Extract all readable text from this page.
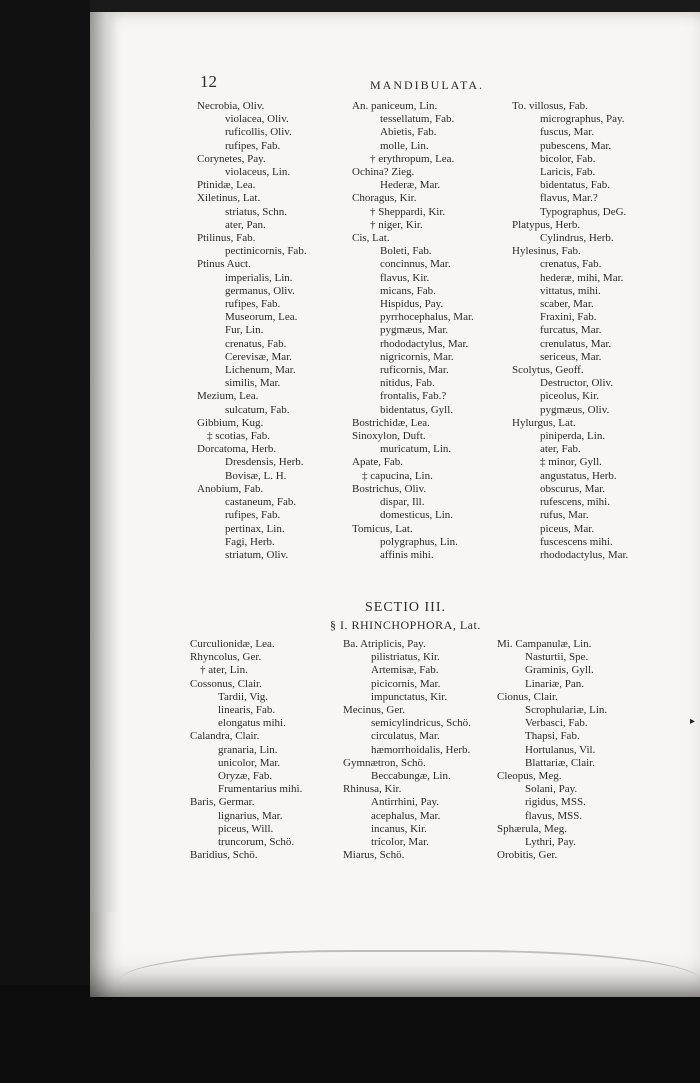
12	MANDIBULATA.
Necrobia, Oliv.
violacea, Oliv.
ruficollis, Oliv.
rufipes, Fab.
Corynetes, Pay.
violaceus, Lin.
Ptinidæ, Lea.
Xiletinus, Lat.
striatus, Schn.
ater, Pan.
Ptilinus, Fab.
pectinicornis, Fab.
Ptinus Auct.
imperialis, Lin.
germanus, Oliv.
rufipes, Fab.
Museorum, Lea.
Fur, Lin.
crenatus, Fab.
Cerevisæ, Mar.
Lichenum, Mar.
similis, Mar.
Mezium, Lea.
sulcatum, Fab.
Gibbium, Kug.
‡ scotias, Fab.
Dorcatoma, Herb.
Dresdensis, Herb.
Bovisæ, L. H.
Anobium, Fab.
castaneum, Fab.
rufipes, Fab.
pertinax, Lin.
Fagi, Herb.
striatum, Oliv.
An. paniceum, Lin.
tessellatum, Fab.
Abietis, Fab.
molle, Lin.
† erythropum, Lea.
Ochina? Zieg.
Hederæ, Mar.
Choragus, Kir.
† Sheppardi, Kir.
† niger, Kir.
Cis, Lat.
Boleti, Fab.
concinnus, Mar.
flavus, Kir.
micans, Fab.
Hispidus, Pay.
pyrrhocephalus, Mar.
pygmæus, Mar.
rhododactylus, Mar.
nigricornis, Mar.
ruficornis, Mar.
nitidus, Fab.
frontalis, Fab.?
bidentatus, Gyll.
Bostrichidæ, Lea.
Sinoxylon, Duft.
muricatum, Lin.
Apate, Fab.
‡ capucina, Lin.
Bostrichus, Oliv.
dispar, Ill.
domesticus, Lin.
Tomicus, Lat.
polygraphus, Lin.
affinis mihi.
To. villosus, Fab.
micrographus, Pay.
fuscus, Mar.
pubescens, Mar.
bicolor, Fab.
Laricis, Fab.
bidentatus, Fab.
flavus, Mar.?
Typographus, DeG.
Platypus, Herb.
Cylindrus, Herb.
Hylesinus, Fab.
crenatus, Fab.
hederæ, mihi, Mar.
vittatus, mihi.
scaber, Mar.
Fraxini, Fab.
furcatus, Mar.
crenulatus, Mar.
sericeus, Mar.
Scolytus, Geoff.
Destructor, Oliv.
piceolus, Kir.
pygmæus, Oliv.
Hylurgus, Lat.
piniperda, Lin.
ater, Fab.
‡ minor, Gyll.
angustatus, Herb.
obscurus, Mar.
rufescens, mihi.
rufus, Mar.
piceus, Mar.
fuscescens mihi.
rhododactylus, Mar.
SECTIO III.
§ I. RHINCHOPHORA, Lat.
Curculionidæ, Lea.
Rhyncolus, Ger.
† ater, Lin.
Cossonus, Clair.
Tardii, Vig.
linearis, Fab.
elongatus mihi.
Calandra, Clair.
granaria, Lin.
unicolor, Mar.
Oryzæ, Fab.
Frumentarius mihi.
Baris, Germar.
lignarius, Mar.
piceus, Will.
truncorum, Schö.
Baridius, Schö.
Ba. Atriplicis, Pay.
pilistriatus, Kir.
Artemisæ, Fab.
picicornis, Mar.
impunctatus, Kir.
Mecinus, Ger.
semicylindricus, Schö.
circulatus, Mar.
hæmorrhoidalis, Herb.
Gymnætron, Schö.
Beccabungæ, Lin.
Rhinusa, Kir.
Antirrhini, Pay.
acephalus, Mar.
incanus, Kir.
tricolor, Mar.
Miarus, Schö.
Mi. Campanulæ, Lin.
Nasturtii, Spe.
Graminis, Gyll.
Linariæ, Pan.
Cionus, Clair.
Scrophulariæ, Lin.
Verbasci, Fab.
Thapsi, Fab.
Hortulanus, Vil.
Blattariæ, Clair.
Cleopus, Meg.
Solani, Pay.
rigidus, MSS.
flavus, MSS.
Sphærula, Meg.
Lythri, Pay.
Orobitis, Ger.
▸
